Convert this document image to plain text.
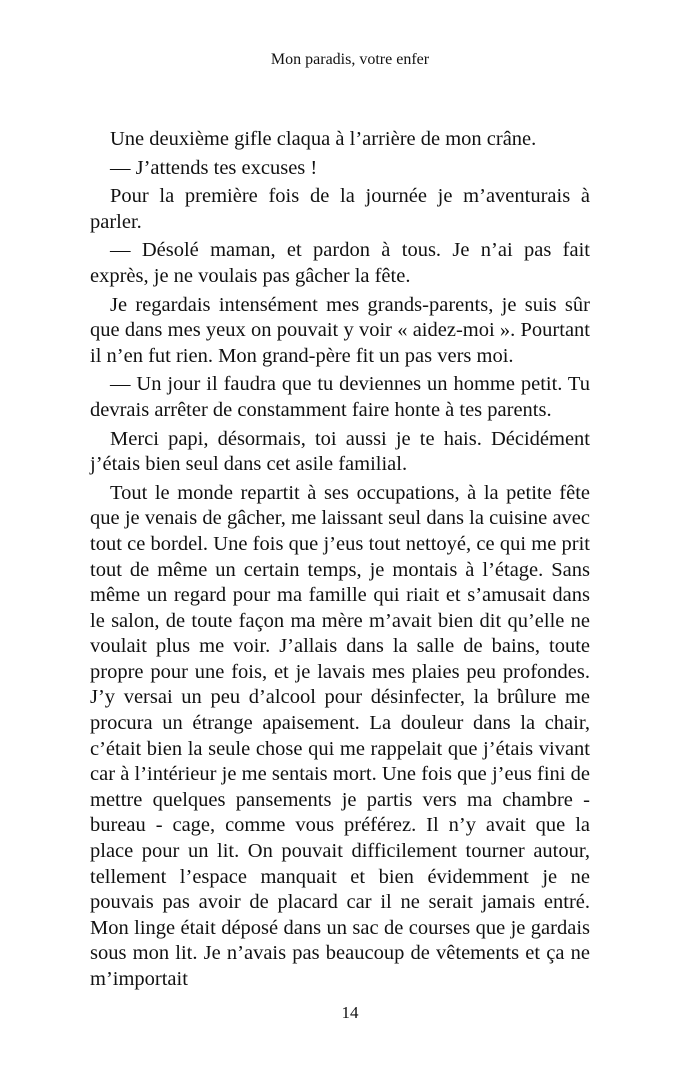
Mon paradis, votre enfer

Une deuxième gifle claqua à l’arrière de mon crâne.

— J’attends tes excuses !

Pour la première fois de la journée je m’aventurais à parler.

— Désolé maman, et pardon à tous. Je n’ai pas fait exprès, je ne voulais pas gâcher la fête.

Je regardais intensément mes grands-parents, je suis sûr que dans mes yeux on pouvait y voir « aidez-moi ». Pourtant il n’en fut rien. Mon grand-père fit un pas vers moi.

— Un jour il faudra que tu deviennes un homme petit. Tu devrais arrêter de constamment faire honte à tes parents.

Merci papi, désormais, toi aussi je te hais. Décidément j’étais bien seul dans cet asile familial.

Tout le monde repartit à ses occupations, à la petite fête que je venais de gâcher, me laissant seul dans la cuisine avec tout ce bordel. Une fois que j’eus tout nettoyé, ce qui me prit tout de même un certain temps, je montais à l’étage. Sans même un regard pour ma famille qui riait et s’amusait dans le salon, de toute façon ma mère m’avait bien dit qu’elle ne voulait plus me voir. J’allais dans la salle de bains, toute propre pour une fois, et je lavais mes plaies peu profondes. J’y versai un peu d’alcool pour désinfecter, la brûlure me procura un étrange apaisement. La douleur dans la chair, c’était bien la seule chose qui me rappelait que j’étais vivant car à l’intérieur je me sentais mort. Une fois que j’eus fini de mettre quelques pansements je partis vers ma chambre - bureau - cage, comme vous préférez. Il n’y avait que la place pour un lit. On pouvait difficilement tourner autour, tellement l’espace manquait et bien évidemment je ne pouvais pas avoir de placard car il ne serait jamais entré. Mon linge était déposé dans un sac de courses que je gardais sous mon lit. Je n’avais pas beaucoup de vêtements et ça ne m’importait

14
